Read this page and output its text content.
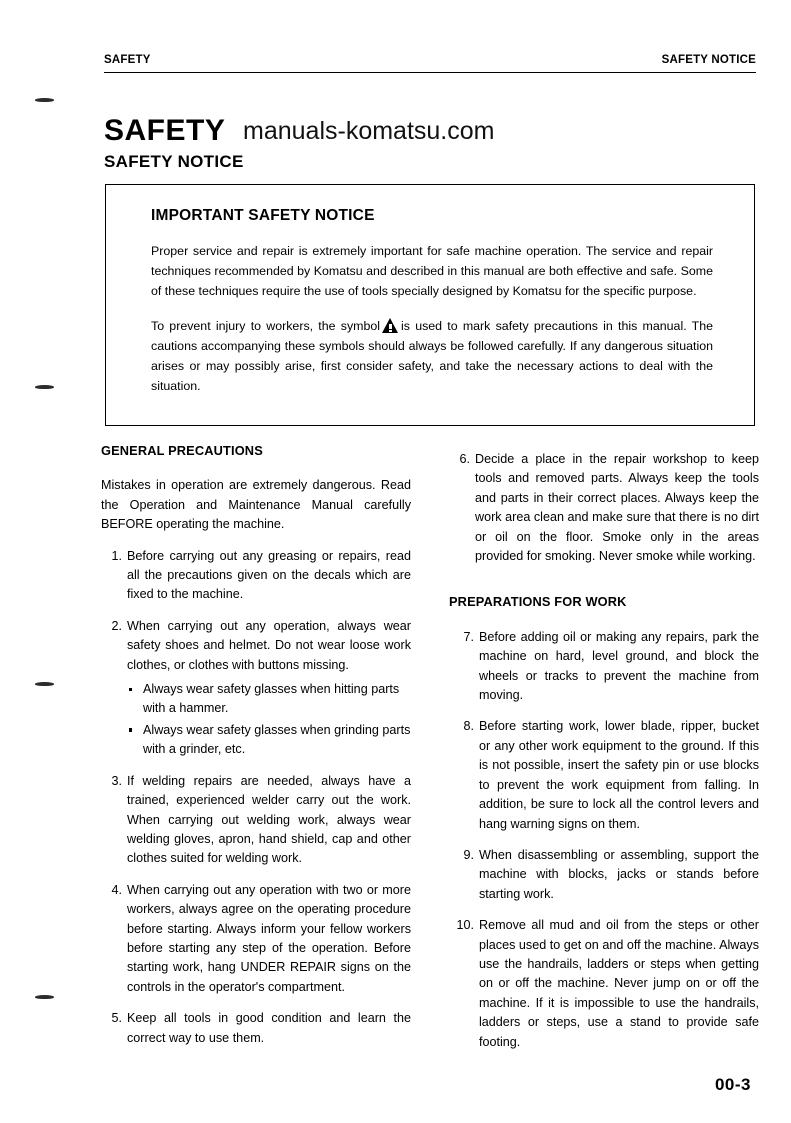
SAFETY	SAFETY NOTICE
SAFETY manuals-komatsu.com
SAFETY NOTICE
IMPORTANT SAFETY NOTICE

Proper service and repair is extremely important for safe machine operation. The service and repair techniques recommended by Komatsu and described in this manual are both effective and safe. Some of these techniques require the use of tools specially designed by Komatsu for the specific purpose.

To prevent injury to workers, the symbol is used to mark safety precautions in this manual. The cautions accompanying these symbols should always be followed carefully. If any dangerous situation arises or may possibly arise, first consider safety, and take the necessary actions to deal with the situation.

GENERAL PRECAUTIONS

Mistakes in operation are extremely dangerous. Read the Operation and Maintenance Manual carefully BEFORE operating the machine.

1. Before carrying out any greasing or repairs, read all the precautions given on the decals which are fixed to the machine.
2. When carrying out any operation, always wear safety shoes and helmet. Do not wear loose work clothes, or clothes with buttons missing.
Always wear safety glasses when hitting parts with a hammer.
Always wear safety glasses when grinding parts with a grinder, etc.
3. If welding repairs are needed, always have a trained, experienced welder carry out the work. When carrying out welding work, always wear welding gloves, apron, hand shield, cap and other clothes suited for welding work.
4. When carrying out any operation with two or more workers, always agree on the operating procedure before starting. Always inform your fellow workers before starting any step of the operation. Before starting work, hang UNDER REPAIR signs on the controls in the operator's compartment.
5. Keep all tools in good condition and learn the correct way to use them.
6. Decide a place in the repair workshop to keep tools and removed parts. Always keep the tools and parts in their correct places. Always keep the work area clean and make sure that there is no dirt or oil on the floor. Smoke only in the areas provided for smoking. Never smoke while working.
PREPARATIONS FOR WORK
7. Before adding oil or making any repairs, park the machine on hard, level ground, and block the wheels or tracks to prevent the machine from moving.
8. Before starting work, lower blade, ripper, bucket or any other work equipment to the ground. If this is not possible, insert the safety pin or use blocks to prevent the work equipment from falling. In addition, be sure to lock all the control levers and hang warning signs on them.
9. When disassembling or assembling, support the machine with blocks, jacks or stands before starting work.
10. Remove all mud and oil from the steps or other places used to get on and off the machine. Always use the handrails, ladders or steps when getting on or off the machine. Never jump on or off the machine. If it is impossible to use the handrails, ladders or steps, use a stand to provide safe footing.
00-3
